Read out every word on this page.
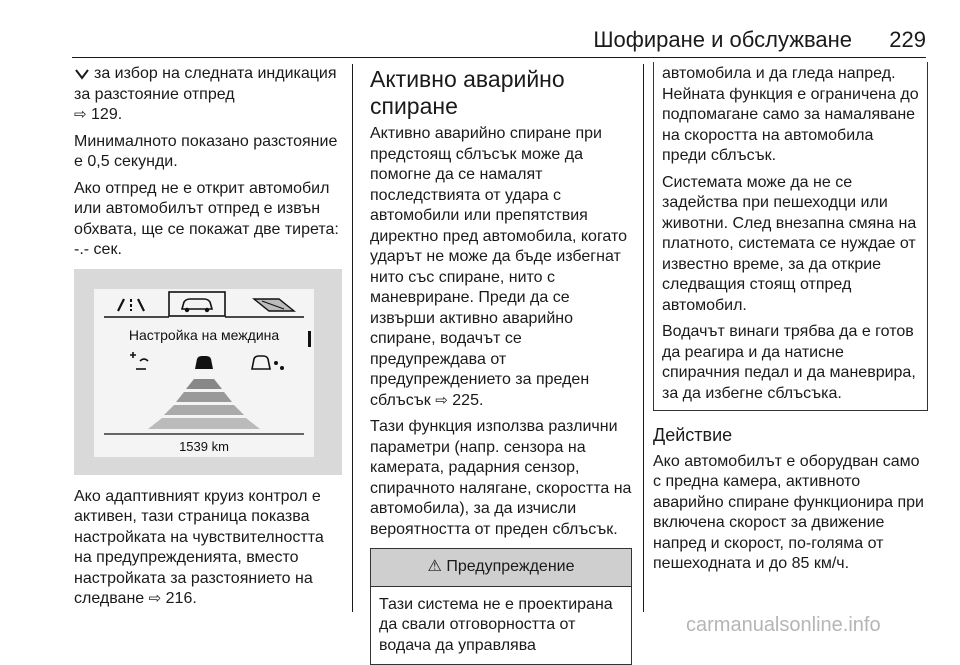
Шофиране и обслужване 229

за избор на следната индикация за разстояние отпред
⇨ 129.

Минималното показано разстояние е 0,5 секунди.

Ако отпред не е открит автомобил или автомобилът отпред е извън обхвата, ще се покажат две тирета: -.- сек.

Настройка на междина
1539 km

Ако адаптивният круиз контрол е активен, тази страница показва настройката на чувствителността на предупрежденията, вместо настройката за разстоянието на следване ⇨ 216.

Активно аварийно спиране

Активно аварийно спиране при предстоящ сблъсък може да помогне да се намалят последствията от удара с автомобили или препятствия директно пред автомобила, когато ударът не може да бъде избегнат нито със спиране, нито с маневриране. Преди да се извърши активно аварийно спиране, водачът се предупреждава от предупреждението за преден сблъсък ⇨ 225.

Тази функция използва различни параметри (напр. сензора на камерата, радарния сензор, спирачното налягане, скоростта на автомобила), за да изчисли вероятността от преден сблъсък.

⚠ Предупреждение
Тази система не е проектирана да свали отговорността от водача да управлява

автомобила и да гледа напред. Нейната функция е ограничена до подпомагане само за намаляване на скоростта на автомобила преди сблъсък.

Системата може да не се задейства при пешеходци или животни. След внезапна смяна на платното, системата се нуждае от известно време, за да открие следващия стоящ отпред автомобил.

Водачът винаги трябва да е готов да реагира и да натисне спирачния педал и да маневрира, за да избегне сблъсъка.

Действие

Ако автомобилът е оборудван само с предна камера, активното аварийно спиране функционира при включена скорост за движение напред и скорост, по-голяма от пешеходната и до 85 км/ч.

carmanualsonline.info
